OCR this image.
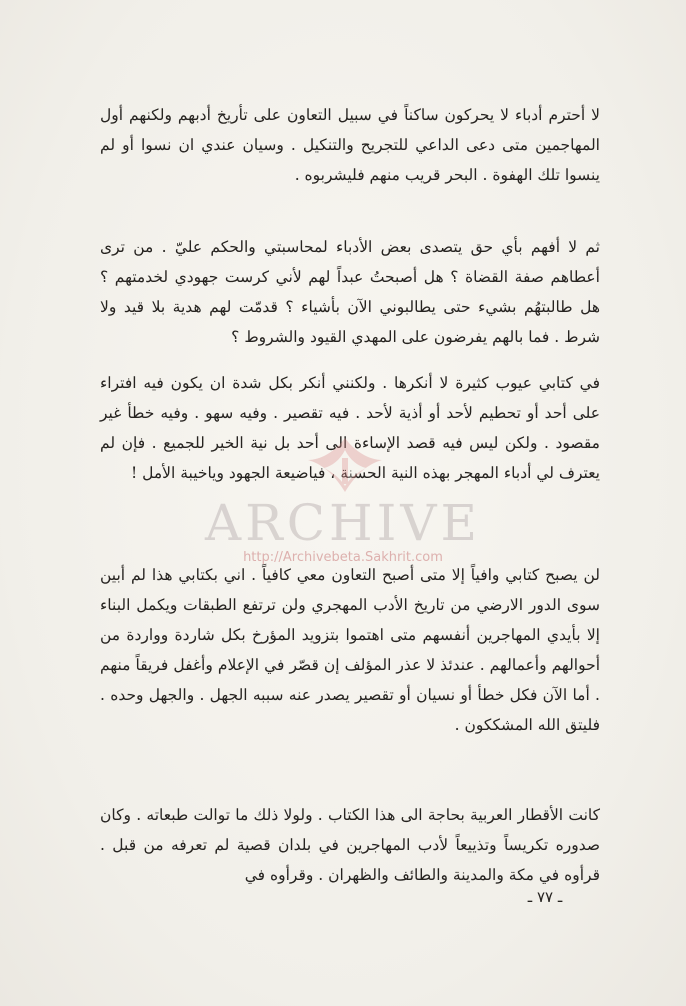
لا أحترم أدباء لا يحركون ساكناً في سبيل التعاون على تأريخ أدبهم ولكنهم أول المهاجمين متى دعى الداعي للتجريح والتنكيل . وسيان عندي ان نسوا أو لم ينسوا تلك الهفوة . البحر قريب منهم فليشربوه .

ثم لا أفهم بأي حق يتصدى بعض الأدباء لمحاسبتي والحكم عليّ . من ترى أعطاهم صفة القضاة ؟ هل أصبحتُ عبداً لهم لأني كرست جهودي لخدمتهم ؟ هل طالبتهُم بشيء حتى يطالبوني الآن بأشياء ؟ قدمّت لهم هدية بلا قيد ولا شرط . فما بالهم يفرضون على المهدي القيود والشروط ؟

في كتابي عيوب كثيرة لا أنكرها . ولكنني أنكر بكل شدة ان يكون فيه افتراء على أحد أو تحطيم لأحد أو أذية لأحد . فيه تقصير . وفيه سهو . وفيه خطأ غير مقصود . ولكن ليس فيه قصد الإساءة الى أحد بل نية الخير للجميع . فإن لم يعترف لي أدباء المهجر بهذه النية الحسنة ، فياضيعة الجهود وياخيبة الأمل !

لن يصبح كتابي وافياً إلا متى أصبح التعاون معي كافياً . اني بكتابي هذا لم أبين سوى الدور الارضي من تاريخ الأدب المهجري ولن ترتفع الطبقات ويكمل البناء إلا بأيدي المهاجرين أنفسهم متى اهتموا بتزويد المؤرخ بكل شاردة وواردة من أحوالهم وأعمالهم . عندئذ لا عذر المؤلف إن قصّر في الإعلام وأغفل فريقاً منهم . أما الآن فكل خطأ أو نسيان أو تقصير يصدر عنه سببه الجهل . والجهل وحده . فليتق الله المشككون .

كانت الأقطار العربية بحاجة الى هذا الكتاب . ولولا ذلك ما توالت طبعاته . وكان صدوره تكريساً وتذييعاً لأدب المهاجرين في بلدان قصية لم تعرفه من قبل . قرأوه في مكة والمدينة والطائف والظهران . وقرأوه في

ARCHIVE
http://Archivebeta.Sakhrit.com
ـ ٧٧ ـ
